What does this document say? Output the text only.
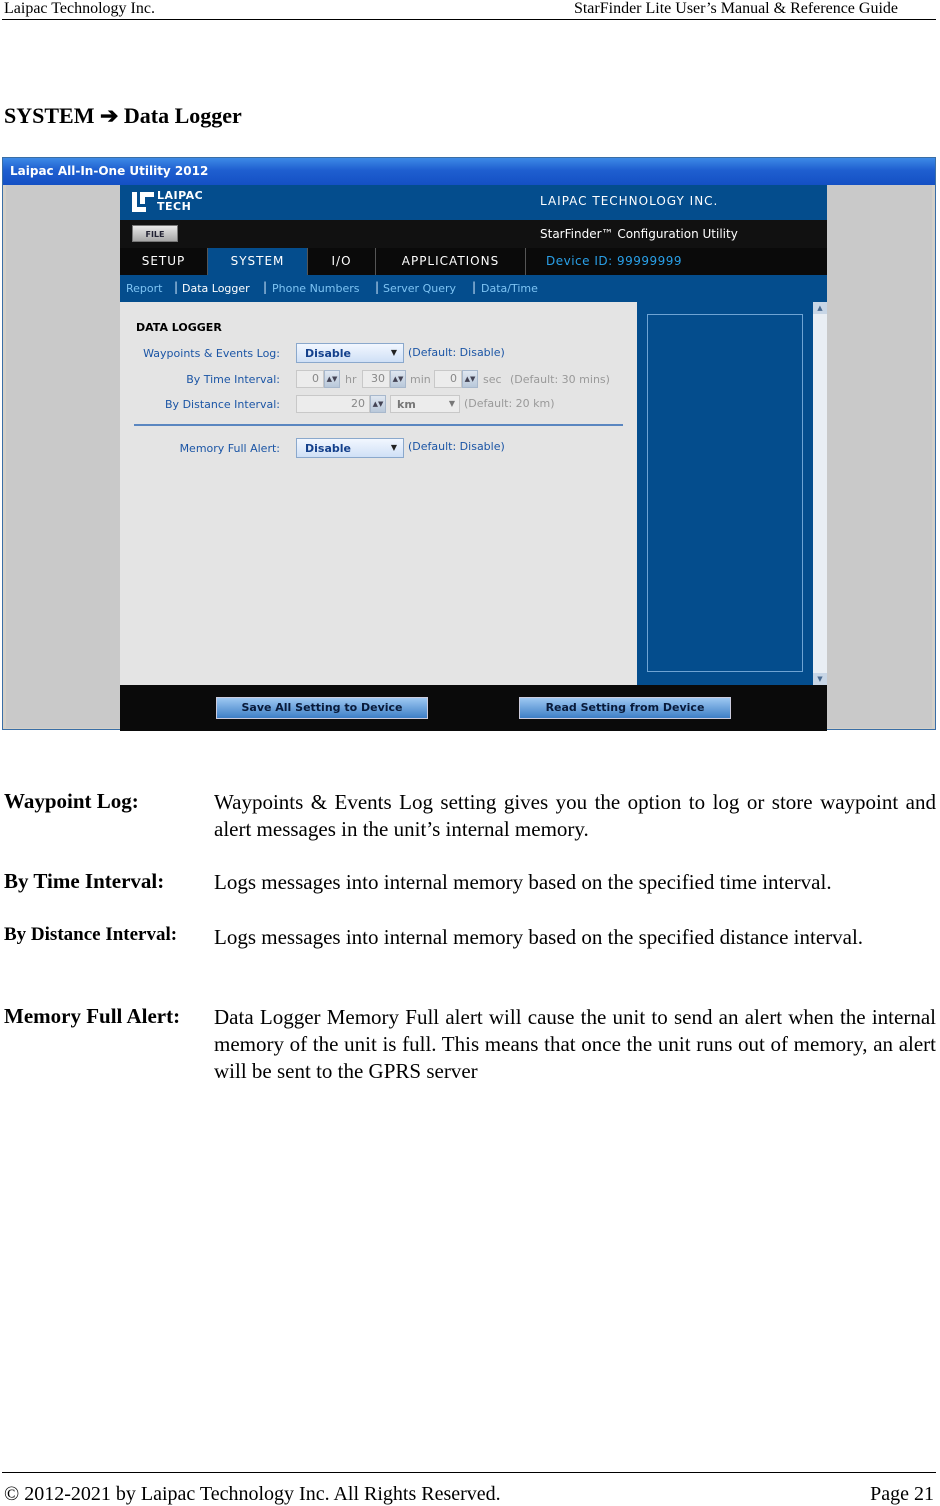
Laipac Technology Inc.	StarFinder Lite User’s Manual & Reference Guide
SYSTEM ➔ Data Logger
Laipac All-In-One Utility 2012
LAIPAC
TECH	LAIPAC TECHNOLOGY INC.
FILE	StarFinder™ Configuration Utility
SETUP	SYSTEM	I/O	APPLICATIONS	Device ID: 99999999
Report | Data Logger | Phone Numbers | Server Query | Data/Time
DATA LOGGER
Waypoints & Events Log: Disable	▼ (Default: Disable)
By Time Interval:	0	▲▼ hr	30	▲▼ min	0	▲▼ sec (Default: 30 mins)
By Distance Interval:	20	▲▼ km	▼ (Default: 20 km)
Memory Full Alert: Disable	▼ (Default: Disable)
▲
▼
Save All Setting to Device	Read Setting from Device
Waypoint Log:	Waypoints & Events Log setting gives you the option to log or store waypoint and alert messages in the unit’s internal memory.
By Time Interval: Logs messages into internal memory based on the specified time interval.
By Distance Interval: Logs messages into internal memory based on the specified distance interval.
Memory Full Alert: Data Logger Memory Full alert will cause the unit to send an alert when the internal memory of the unit is full. This means that once the unit runs out of memory, an alert will be sent to the GPRS server
© 2012-2021 by Laipac Technology Inc. All Rights Reserved.	Page 21
